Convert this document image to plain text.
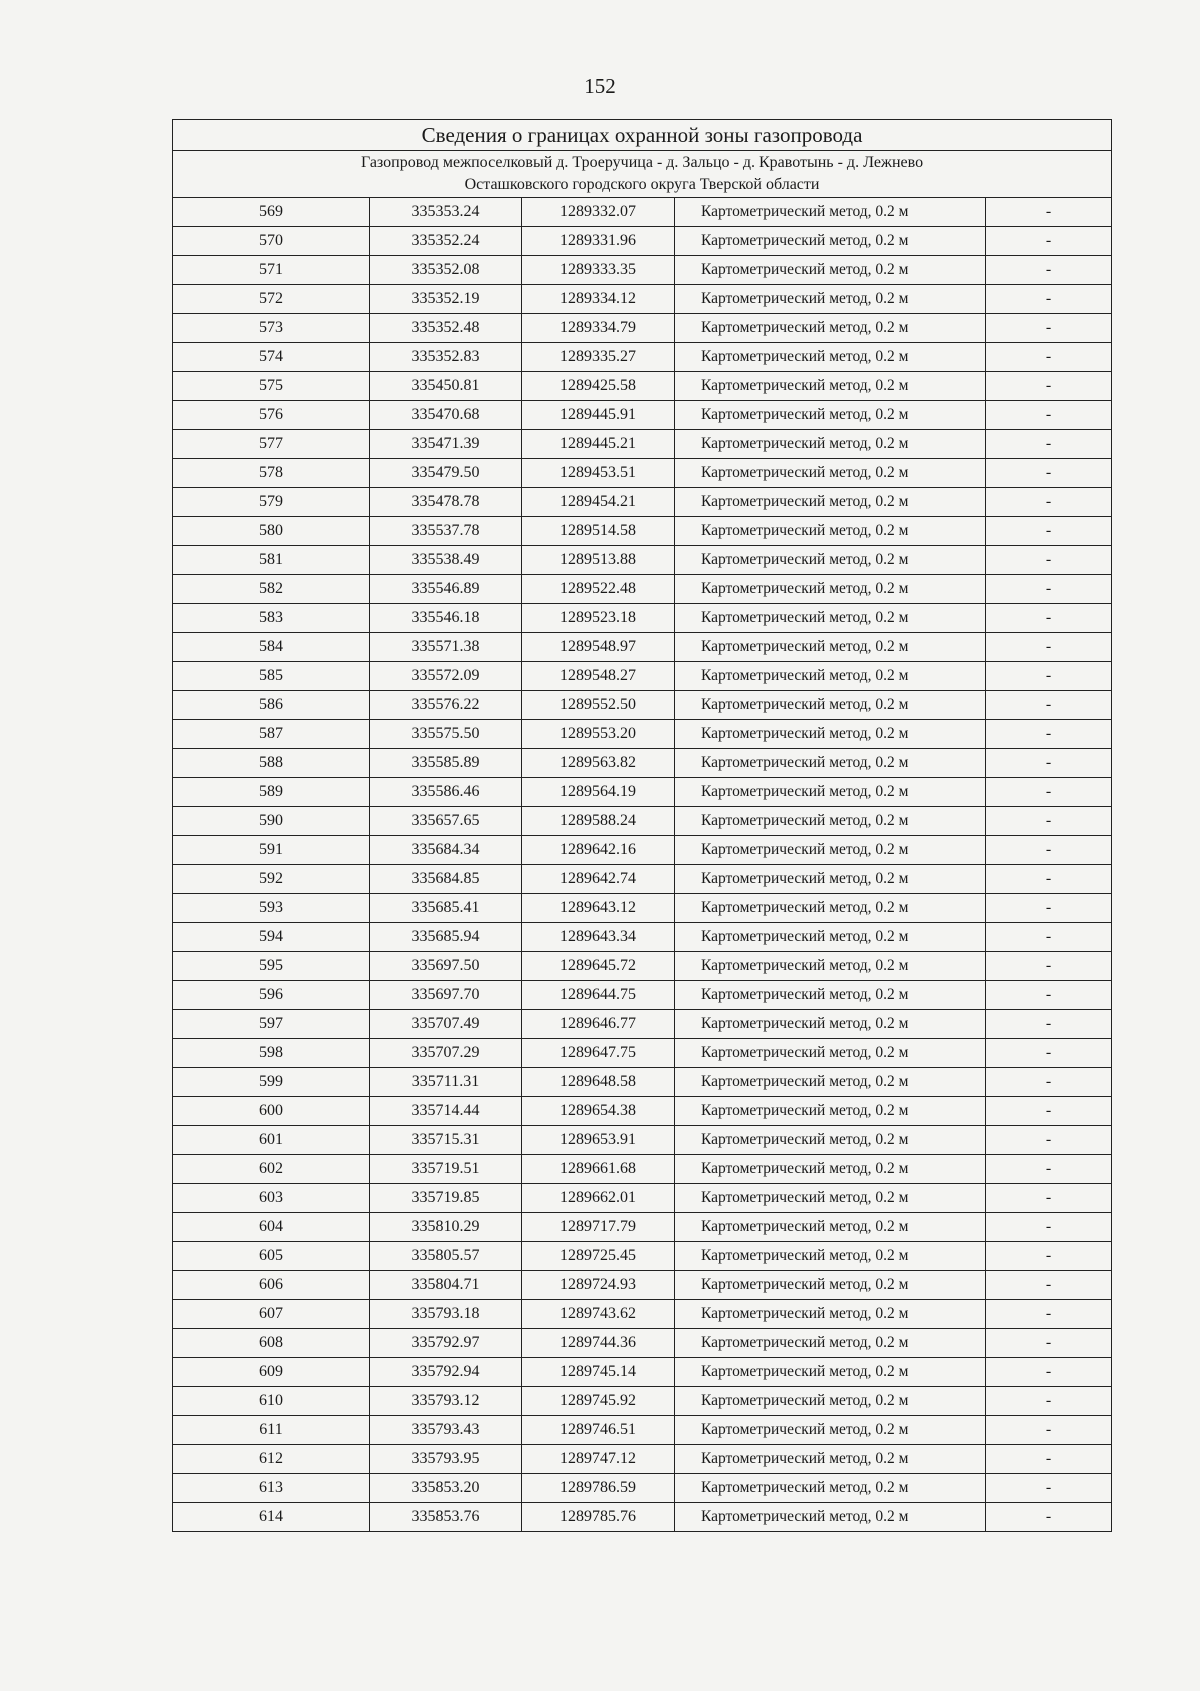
152
Сведения о границах охранной зоны газопровода				

Газопровод межпоселковый д. Троеручица - д. Зальцо - д. Кравотынь - д. Лежнево
Осташковского городского округа Тверской области				

569	335353.24	1289332.07	Картометрический метод, 0.2 м	-
570	335352.24	1289331.96	Картометрический метод, 0.2 м	-
571	335352.08	1289333.35	Картометрический метод, 0.2 м	-
572	335352.19	1289334.12	Картометрический метод, 0.2 м	-
573	335352.48	1289334.79	Картометрический метод, 0.2 м	-
574	335352.83	1289335.27	Картометрический метод, 0.2 м	-
575	335450.81	1289425.58	Картометрический метод, 0.2 м	-
576	335470.68	1289445.91	Картометрический метод, 0.2 м	-
577	335471.39	1289445.21	Картометрический метод, 0.2 м	-
578	335479.50	1289453.51	Картометрический метод, 0.2 м	-
579	335478.78	1289454.21	Картометрический метод, 0.2 м	-
580	335537.78	1289514.58	Картометрический метод, 0.2 м	-
581	335538.49	1289513.88	Картометрический метод, 0.2 м	-
582	335546.89	1289522.48	Картометрический метод, 0.2 м	-
583	335546.18	1289523.18	Картометрический метод, 0.2 м	-
584	335571.38	1289548.97	Картометрический метод, 0.2 м	-
585	335572.09	1289548.27	Картометрический метод, 0.2 м	-
586	335576.22	1289552.50	Картометрический метод, 0.2 м	-
587	335575.50	1289553.20	Картометрический метод, 0.2 м	-
588	335585.89	1289563.82	Картометрический метод, 0.2 м	-
589	335586.46	1289564.19	Картометрический метод, 0.2 м	-
590	335657.65	1289588.24	Картометрический метод, 0.2 м	-
591	335684.34	1289642.16	Картометрический метод, 0.2 м	-
592	335684.85	1289642.74	Картометрический метод, 0.2 м	-
593	335685.41	1289643.12	Картометрический метод, 0.2 м	-
594	335685.94	1289643.34	Картометрический метод, 0.2 м	-
595	335697.50	1289645.72	Картометрический метод, 0.2 м	-
596	335697.70	1289644.75	Картометрический метод, 0.2 м	-
597	335707.49	1289646.77	Картометрический метод, 0.2 м	-
598	335707.29	1289647.75	Картометрический метод, 0.2 м	-
599	335711.31	1289648.58	Картометрический метод, 0.2 м	-
600	335714.44	1289654.38	Картометрический метод, 0.2 м	-
601	335715.31	1289653.91	Картометрический метод, 0.2 м	-
602	335719.51	1289661.68	Картометрический метод, 0.2 м	-
603	335719.85	1289662.01	Картометрический метод, 0.2 м	-
604	335810.29	1289717.79	Картометрический метод, 0.2 м	-
605	335805.57	1289725.45	Картометрический метод, 0.2 м	-
606	335804.71	1289724.93	Картометрический метод, 0.2 м	-
607	335793.18	1289743.62	Картометрический метод, 0.2 м	-
608	335792.97	1289744.36	Картометрический метод, 0.2 м	-
609	335792.94	1289745.14	Картометрический метод, 0.2 м	-
610	335793.12	1289745.92	Картометрический метод, 0.2 м	-
611	335793.43	1289746.51	Картометрический метод, 0.2 м	-
612	335793.95	1289747.12	Картометрический метод, 0.2 м	-
613	335853.20	1289786.59	Картометрический метод, 0.2 м	-
614	335853.76	1289785.76	Картометрический метод, 0.2 м	-
